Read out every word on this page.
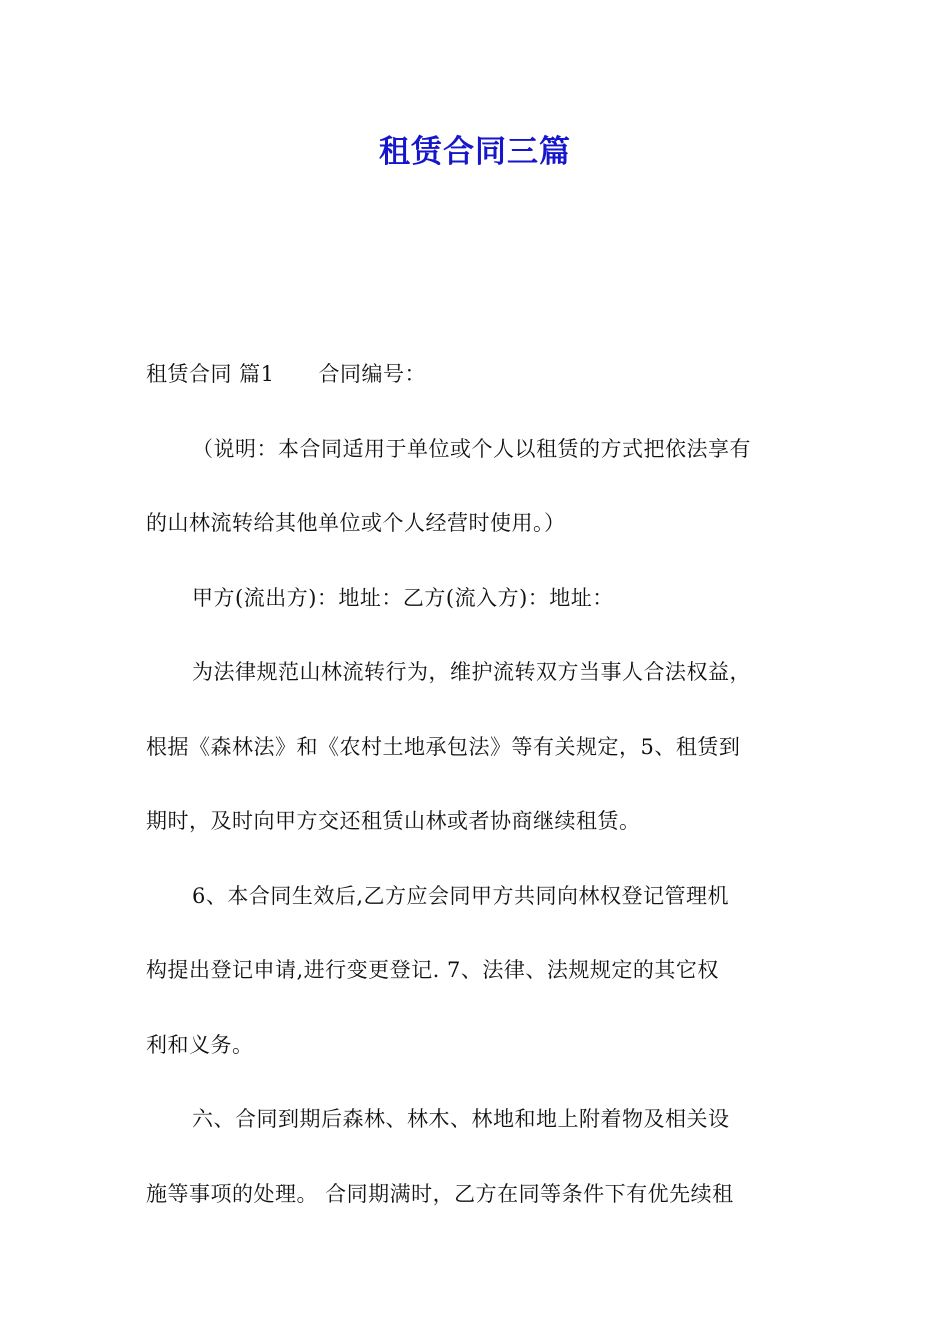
租赁合同三篇
租赁合同 篇1 合同编号：
（说明：本合同适用于单位或个人以租赁的方式把依法享有
的山林流转给其他单位或个人经营时使用。）
甲方(流出方)：地址：乙方(流入方)：地址：
为法律规范山林流转行为，维护流转双方当事人合法权益，
根据《森林法》和《农村土地承包法》等有关规定，5、租赁到
期时，及时向甲方交还租赁山林或者协商继续租赁。
6、本合同生效后,乙方应会同甲方共同向林权登记管理机
构提出登记申请,进行变更登记. 7、法律、法规规定的其它权
利和义务。
六、合同到期后森林、林木、林地和地上附着物及相关设
施等事项的处理。 合同期满时，乙方在同等条件下有优先续租
